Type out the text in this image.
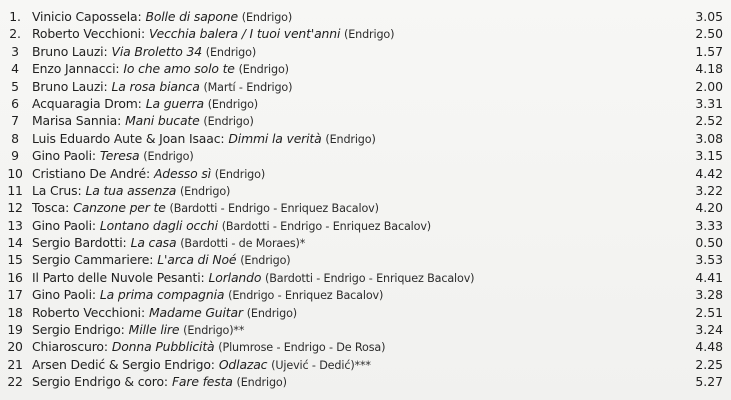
1. Vinicio Capossela: Bolle di sapone (Endrigo)	3.05
2. Roberto Vecchioni: Vecchia balera / I tuoi vent'anni (Endrigo)	2.50
3	Bruno Lauzi: Via Broletto 34 (Endrigo)	1.57
4	Enzo Jannacci: Io che amo solo te (Endrigo)	4.18
5	Bruno Lauzi: La rosa bianca (Martí - Endrigo)	2.00
6	Acquaragia Drom: La guerra (Endrigo)	3.31
7	Marisa Sannia: Mani bucate (Endrigo)	2.52
8	Luis Eduardo Aute & Joan Isaac: Dimmi la verità (Endrigo)	3.08
9	Gino Paoli: Teresa (Endrigo)	3.15
10 Cristiano De André: Adesso sì (Endrigo)	4.42
11 La Crus: La tua assenza (Endrigo)	3.22
12 Tosca: Canzone per te (Bardotti - Endrigo - Enriquez Bacalov)	4.20
13 Gino Paoli: Lontano dagli occhi (Bardotti - Endrigo - Enriquez Bacalov)	3.33
14 Sergio Bardotti: La casa (Bardotti - de Moraes)*	0.50
15 Sergio Cammariere: L'arca di Noé (Endrigo)	3.53
16 Il Parto delle Nuvole Pesanti: Lorlando (Bardotti - Endrigo - Enriquez Bacalov)	4.41
17 Gino Paoli: La prima compagnia (Endrigo - Enriquez Bacalov)	3.28
18 Roberto Vecchioni: Madame Guitar (Endrigo)	2.51
19 Sergio Endrigo: Mille lire (Endrigo)**	3.24
20 Chiaroscuro: Donna Pubblicità (Plumrose - Endrigo - De Rosa)	4.48
21 Arsen Dedić & Sergio Endrigo: Odlazac (Ujević - Dedić)***	2.25
22 Sergio Endrigo & coro: Fare festa (Endrigo)	5.27
